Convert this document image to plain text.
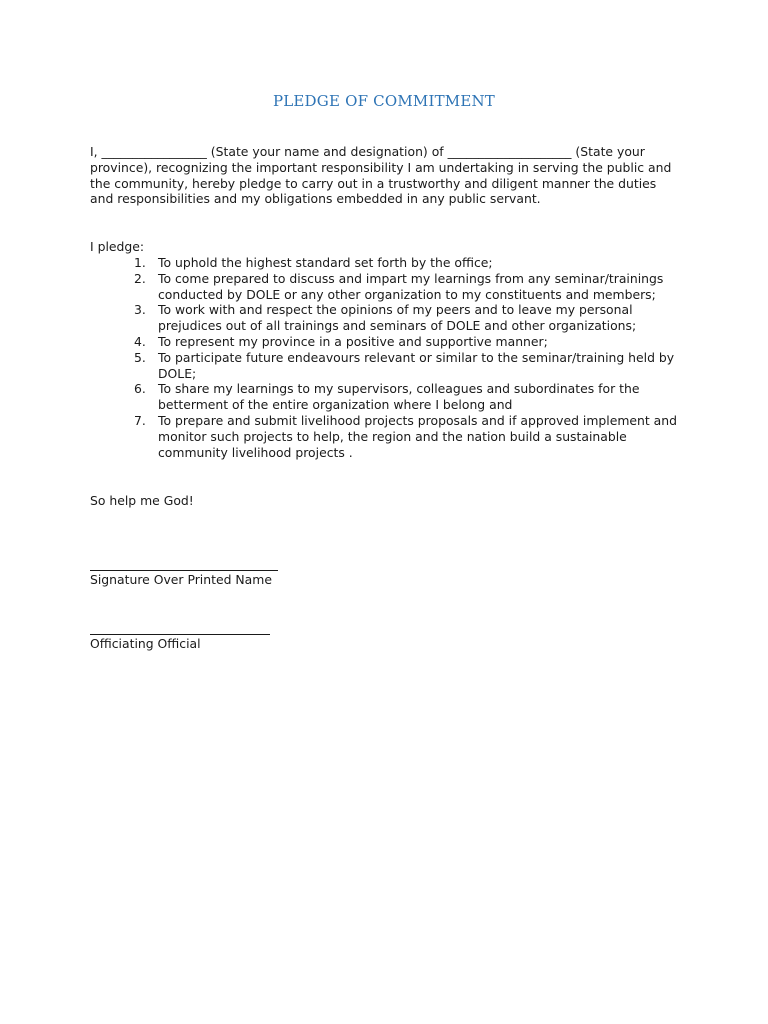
PLEDGE OF COMMITMENT
I, _________________ (State your name and designation) of ____________________ (State your province), recognizing the important responsibility I am undertaking in serving the public and the community, hereby pledge to carry out in a trustworthy and diligent manner the duties and responsibilities and my obligations embedded in any public servant.
I pledge:
1. To uphold the highest standard set forth by the office;
2. To come prepared to discuss and impart my learnings from any seminar/trainings conducted by DOLE or any other organization to my constituents and members;
3. To work with and respect the opinions of my peers and to leave my personal prejudices out of all trainings and seminars of DOLE and other organizations;
4. To represent my province in a positive and supportive manner;
5. To participate future endeavours relevant or similar to the seminar/training held by DOLE;
6. To share my learnings to my supervisors, colleagues and subordinates for the betterment of the entire organization where I belong and
7. To prepare and submit livelihood projects proposals and if approved implement and monitor such projects to help, the region and the nation build a sustainable community livelihood projects .
So help me God!
Signature Over Printed Name
Officiating Official
